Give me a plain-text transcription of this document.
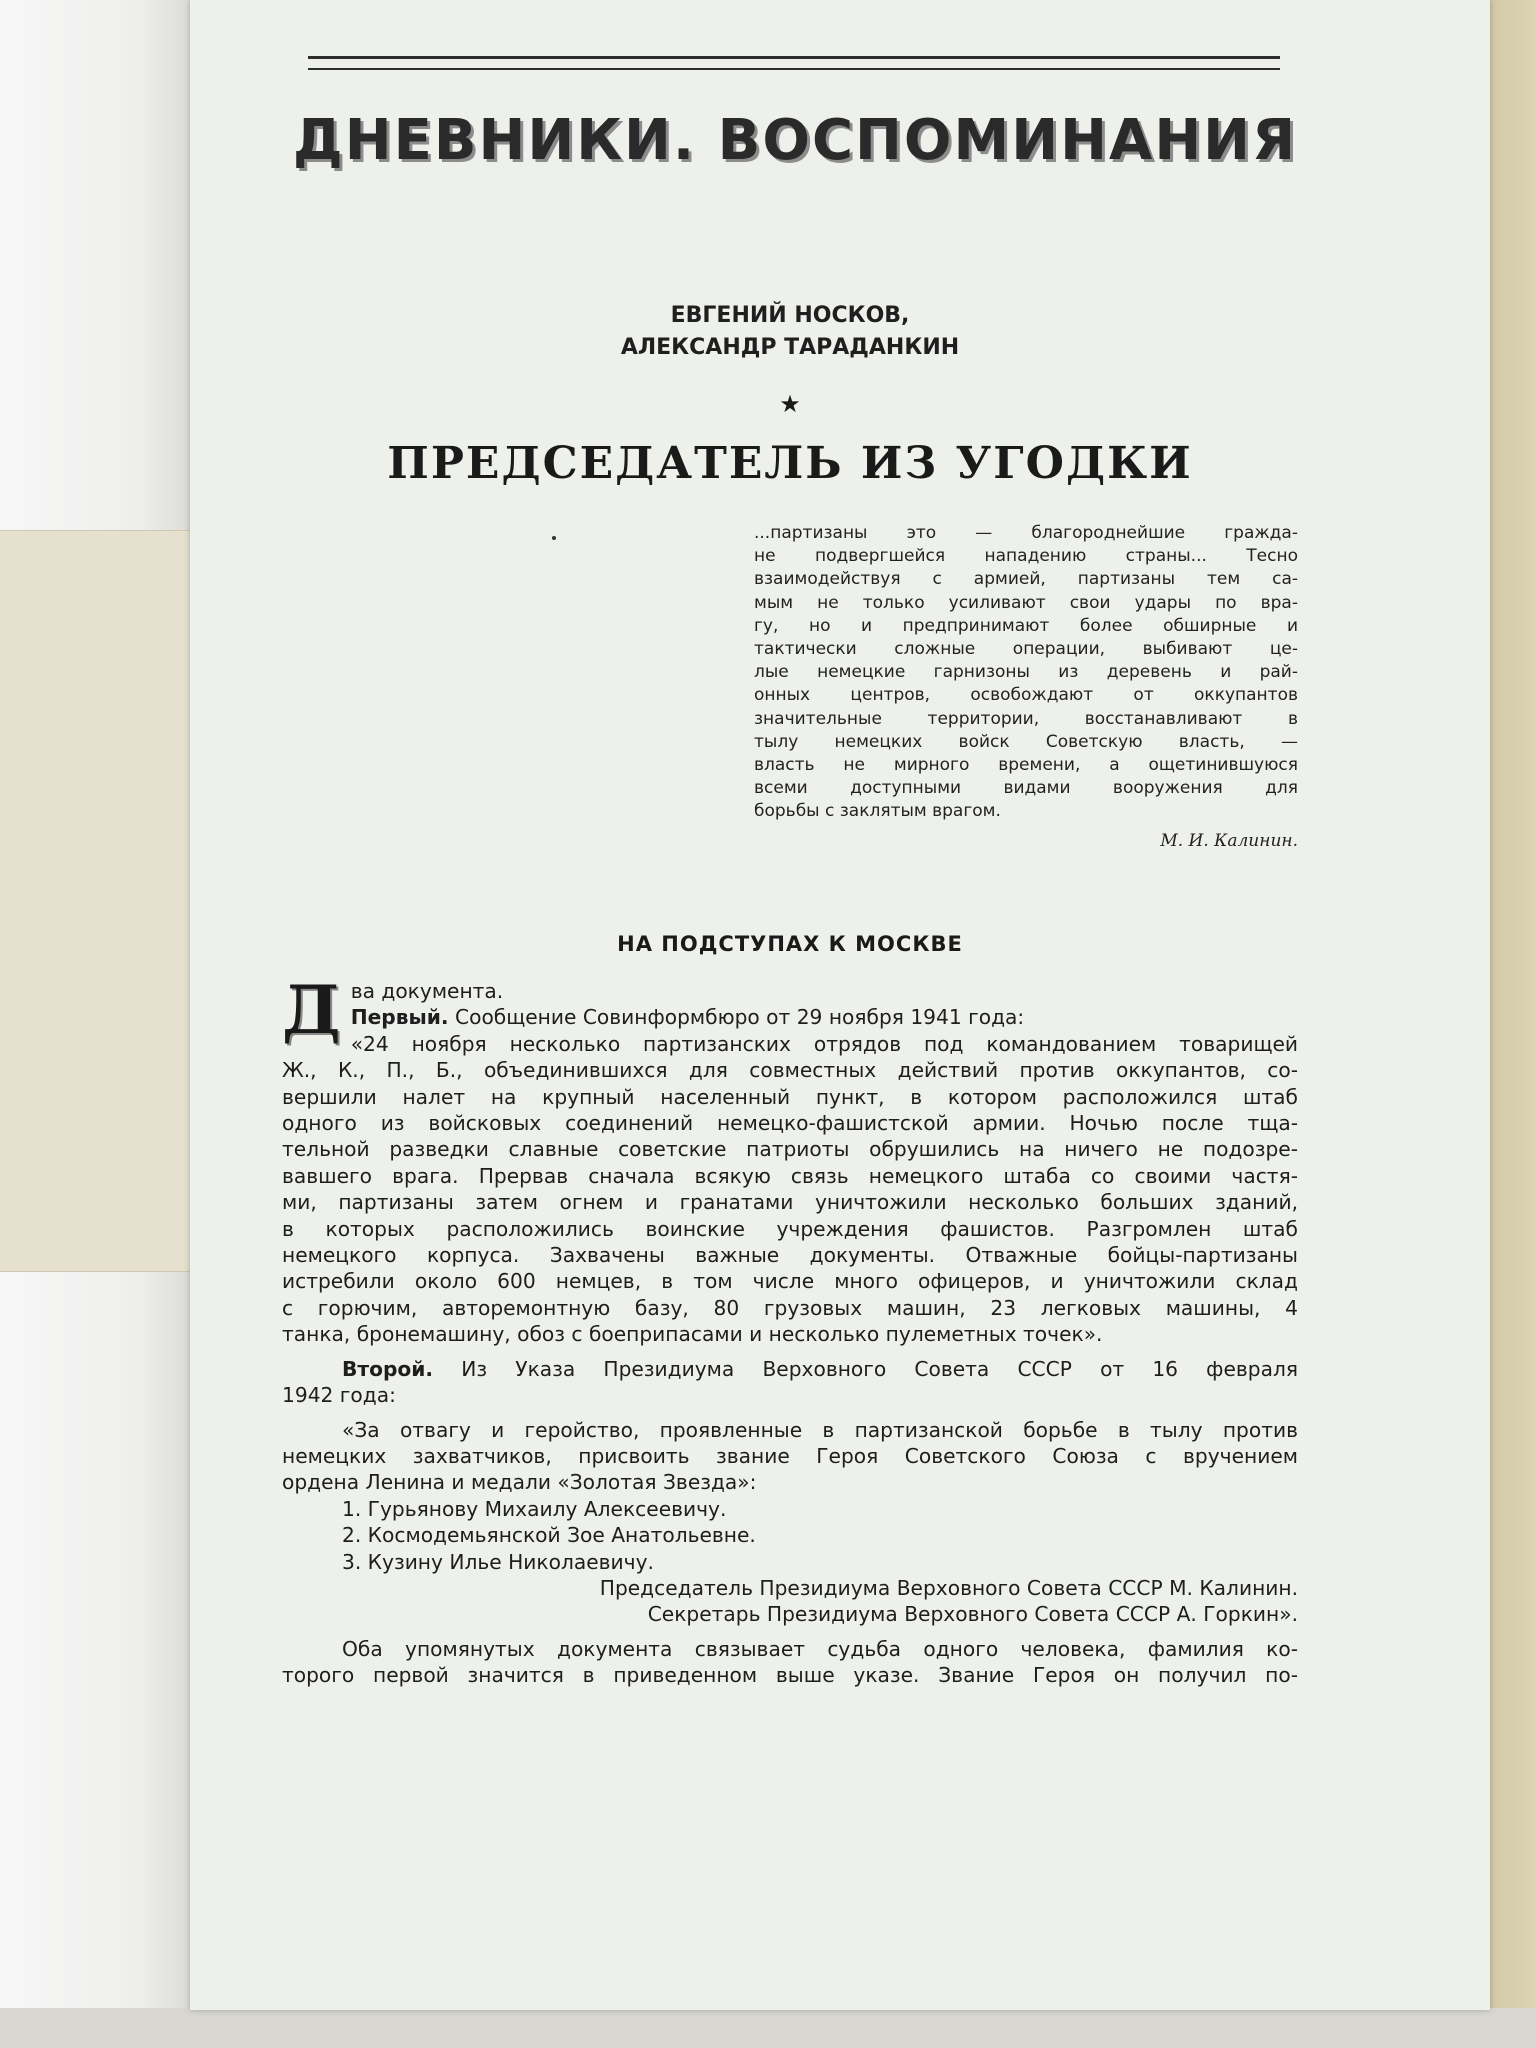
ДНЕВНИКИ. ВОСПОМИНАНИЯ
ЕВГЕНИЙ НОСКОВ,
АЛЕКСАНДР ТАРАДАНКИН
★
ПРЕДСЕДАТЕЛЬ ИЗ УГОДКИ
...партизаны это — благороднейшие гражда-
не подвергшейся нападению страны... Тесно
взаимодействуя с армией, партизаны тем са-
мым не только усиливают свои удары по вра-
гу, но и предпринимают более обширные и
тактически сложные операции, выбивают це-
лые немецкие гарнизоны из деревень и рай-
онных центров, освобождают от оккупантов
значительные территории, восстанавливают в
тылу немецких войск Советскую власть, —
власть не мирного времени, а ощетинившуюся
всеми доступными видами вооружения для
борьбы с заклятым врагом.
М. И. Калинин.
НА ПОДСТУПАХ К МОСКВЕ
Д ва документа.
Первый. Сообщение Совинформбюро от 29 ноября 1941 года:
«24 ноября несколько партизанских отрядов под командованием товарищей
Ж., К., П., Б., объединившихся для совместных действий против оккупантов, со-
вершили налет на крупный населенный пункт, в котором расположился штаб
одного из войсковых соединений немецко-фашистской армии. Ночью после тща-
тельной разведки славные советские патриоты обрушились на ничего не подозре-
вавшего врага. Прервав сначала всякую связь немецкого штаба со своими частя-
ми, партизаны затем огнем и гранатами уничтожили несколько больших зданий,
в которых расположились воинские учреждения фашистов. Разгромлен штаб
немецкого корпуса. Захвачены важные документы. Отважные бойцы-партизаны
истребили около 600 немцев, в том числе много офицеров, и уничтожили склад
с горючим, авторемонтную базу, 80 грузовых машин, 23 легковых машины, 4
танка, бронемашину, обоз с боеприпасами и несколько пулеметных точек».
Второй. Из Указа Президиума Верховного Совета СССР от 16 февраля
1942 года:
«За отвагу и геройство, проявленные в партизанской борьбе в тылу против
немецких захватчиков, присвоить звание Героя Советского Союза с вручением
ордена Ленина и медали «Золотая Звезда»:
1. Гурьянову Михаилу Алексеевичу.
2. Космодемьянской Зое Анатольевне.
3. Кузину Илье Николаевичу.
Председатель Президиума Верховного Совета СССР М. Калинин.
Секретарь Президиума Верховного Совета СССР А. Горкин».
Оба упомянутых документа связывает судьба одного человека, фамилия ко-
торого первой значится в приведенном выше указе. Звание Героя он получил по-
